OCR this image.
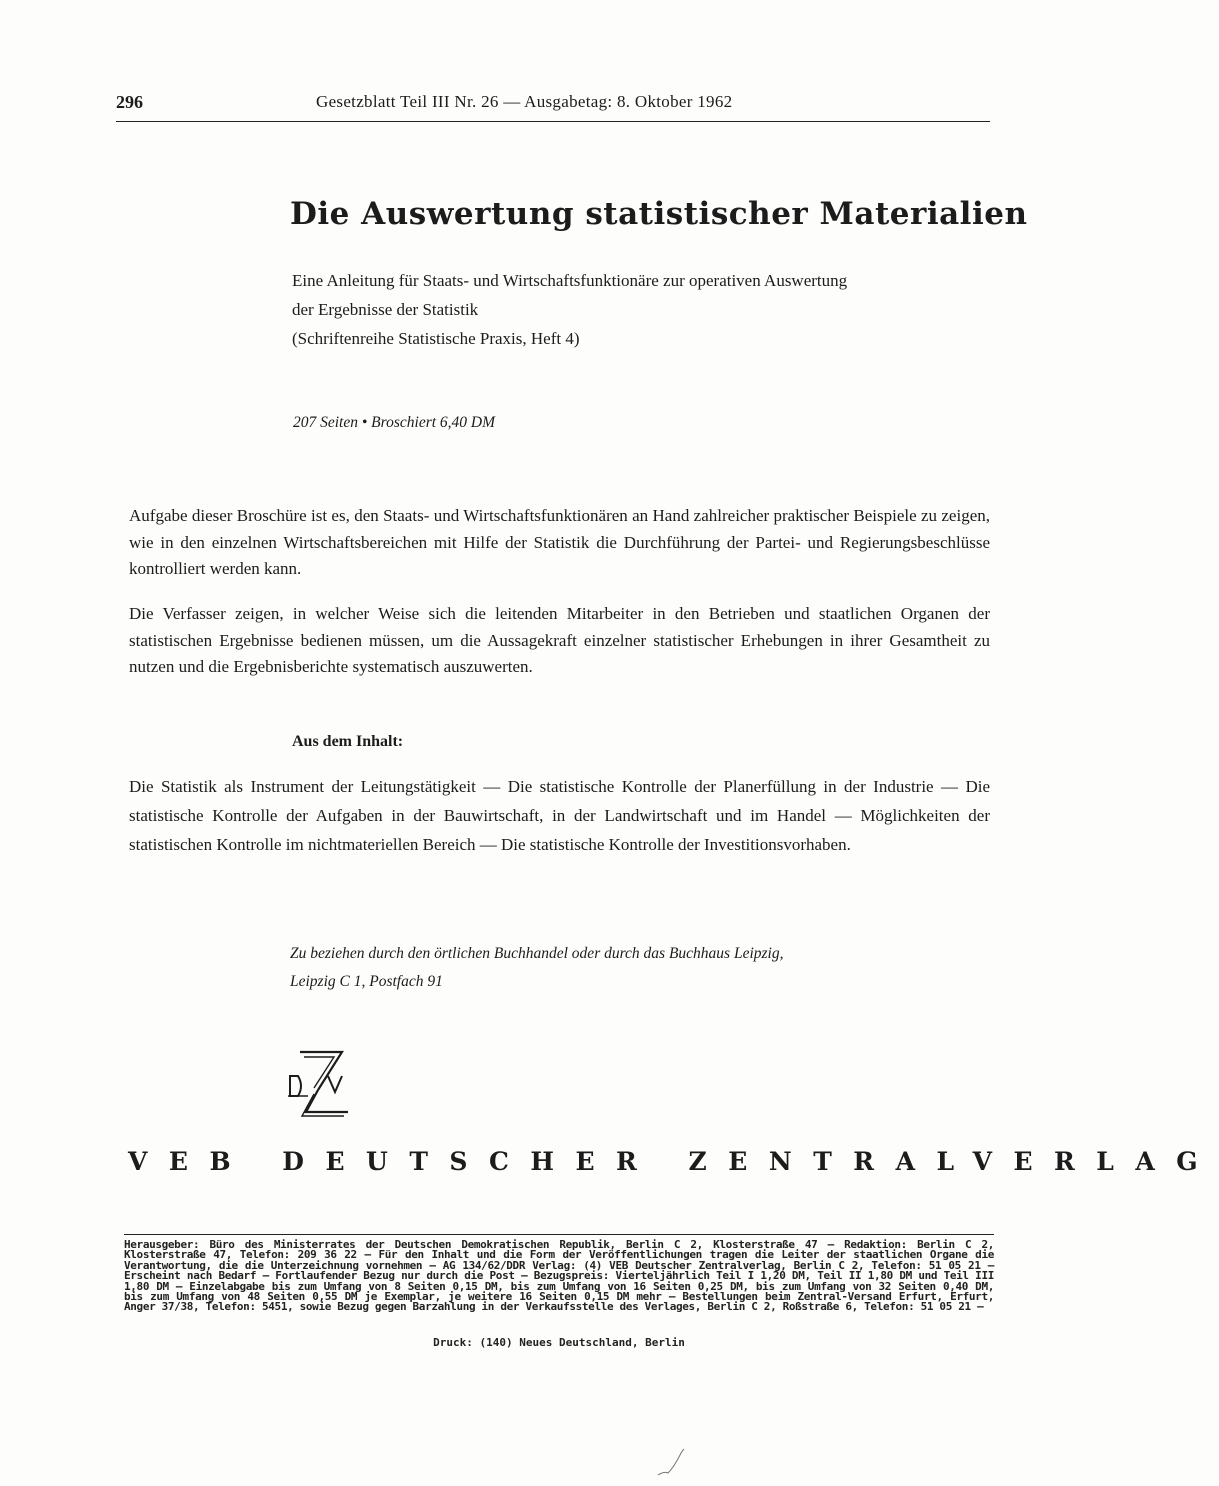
296	Gesetzblatt Teil III Nr. 26 — Ausgabetag: 8. Oktober 1962
Die Auswertung statistischer Materialien

Eine Anleitung für Staats- und Wirtschaftsfunktionäre zur operativen Auswertung

der Ergebnisse der Statistik

(Schriftenreihe Statistische Praxis, Heft 4)

207 Seiten • Broschiert 6,40 DM
Aufgabe dieser Broschüre ist es, den Staats- und Wirtschaftsfunktionären an Hand zahlreicher praktischer Beispiele zu zeigen, wie in den einzelnen Wirtschaftsbereichen mit Hilfe der Statistik die Durchführung der Partei- und Regierungsbeschlüsse kontrolliert werden kann.
Die Verfasser zeigen, in welcher Weise sich die leitenden Mitarbeiter in den Betrieben und staatlichen Organen der statistischen Ergebnisse bedienen müssen, um die Aussagekraft einzelner statistischer Erhebungen in ihrer Gesamtheit zu nutzen und die Ergebnisberichte systematisch auszuwerten.
Aus dem Inhalt:
Die Statistik als Instrument der Leitungstätigkeit — Die statistische Kontrolle der Planerfüllung in der Industrie — Die statistische Kontrolle der Aufgaben in der Bauwirtschaft, in der Landwirtschaft und im Handel — Möglichkeiten der statistischen Kontrolle im nichtmateriellen Bereich — Die statistische Kontrolle der Investitionsvorhaben.

Zu beziehen durch den örtlichen Buchhandel oder durch das Buchhaus Leipzig,

Leipzig C 1, Postfach 91

VEB DEUTSCHER ZENTRALVERLAG
Herausgeber: Büro des Ministerrates der Deutschen Demokratischen Republik, Berlin C 2, Klosterstraße 47 — Redaktion: Berlin C 2, Klosterstraße 47, Telefon: 209 36 22 — Für den Inhalt und die Form der Veröffentlichungen tragen die Leiter der staatlichen Organe die Verantwortung, die die Unterzeichnung vornehmen — AG 134/62/DDR Verlag: (4) VEB Deutscher Zentralverlag, Berlin C 2, Telefon: 51 05 21 — Erscheint nach Bedarf — Fortlaufender Bezug nur durch die Post — Bezugspreis: Vierteljährlich Teil I 1,20 DM, Teil II 1,80 DM und Teil III 1,80 DM — Einzelabgabe bis zum Umfang von 8 Seiten 0,15 DM, bis zum Umfang von 16 Seiten 0,25 DM, bis zum Umfang von 32 Seiten 0,40 DM, bis zum Umfang von 48 Seiten 0,55 DM je Exemplar, je weitere 16 Seiten 0,15 DM mehr — Bestellungen beim Zentral-Versand Erfurt, Erfurt, Anger 37/38, Telefon: 5451, sowie Bezug gegen Barzahlung in der Verkaufsstelle des Verlages, Berlin C 2, Roßstraße 6, Telefon: 51 05 21 —
Druck: (140) Neues Deutschland, Berlin
